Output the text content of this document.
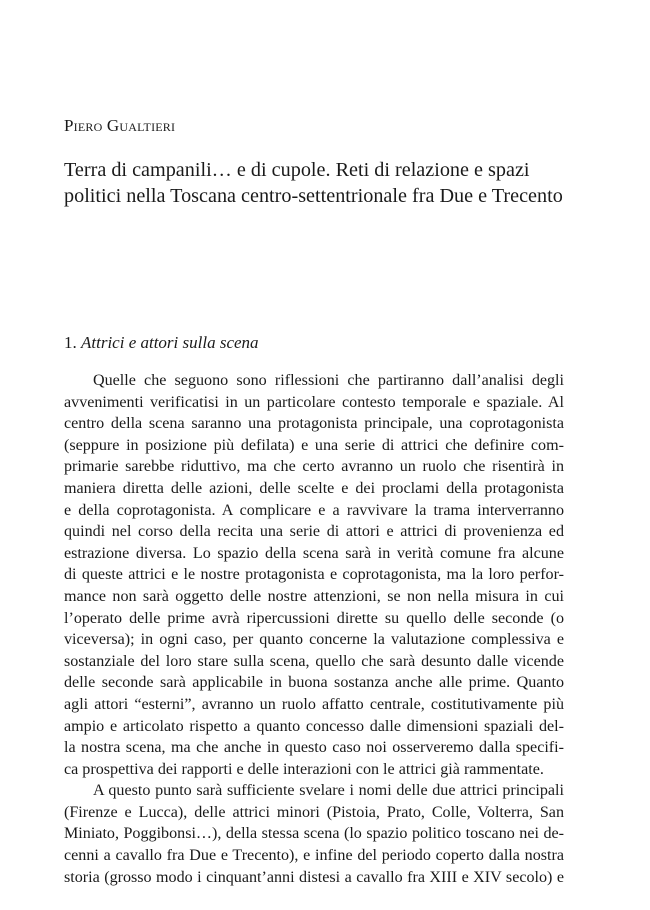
Piero Gualtieri
Terra di campanili… e di cupole. Reti di relazione e spazi
politici nella Toscana centro-settentrionale fra Due e Trecento
1. Attrici e attori sulla scena
Quelle che seguono sono riflessioni che partiranno dall’analisi degli
avvenimenti verificatisi in un particolare contesto temporale e spaziale. Al
centro della scena saranno una protagonista principale, una coprotagonista
(seppure in posizione più defilata) e una serie di attrici che definire com-
primarie sarebbe riduttivo, ma che certo avranno un ruolo che risentirà in
maniera diretta delle azioni, delle scelte e dei proclami della protagonista
e della coprotagonista. A complicare e a ravvivare la trama interverranno
quindi nel corso della recita una serie di attori e attrici di provenienza ed
estrazione diversa. Lo spazio della scena sarà in verità comune fra alcune
di queste attrici e le nostre protagonista e coprotagonista, ma la loro perfor-
mance non sarà oggetto delle nostre attenzioni, se non nella misura in cui
l’operato delle prime avrà ripercussioni dirette su quello delle seconde (o
viceversa); in ogni caso, per quanto concerne la valutazione complessiva e
sostanziale del loro stare sulla scena, quello che sarà desunto dalle vicende
delle seconde sarà applicabile in buona sostanza anche alle prime. Quanto
agli attori “esterni”, avranno un ruolo affatto centrale, costitutivamente più
ampio e articolato rispetto a quanto concesso dalle dimensioni spaziali del-
la nostra scena, ma che anche in questo caso noi osserveremo dalla specifi-
ca prospettiva dei rapporti e delle interazioni con le attrici già rammentate.
A questo punto sarà sufficiente svelare i nomi delle due attrici principali
(Firenze e Lucca), delle attrici minori (Pistoia, Prato, Colle, Volterra, San
Miniato, Poggibonsi…), della stessa scena (lo spazio politico toscano nei de-
cenni a cavallo fra Due e Trecento), e infine del periodo coperto dalla nostra
storia (grosso modo i cinquant’anni distesi a cavallo fra XIII e XIV secolo) e
